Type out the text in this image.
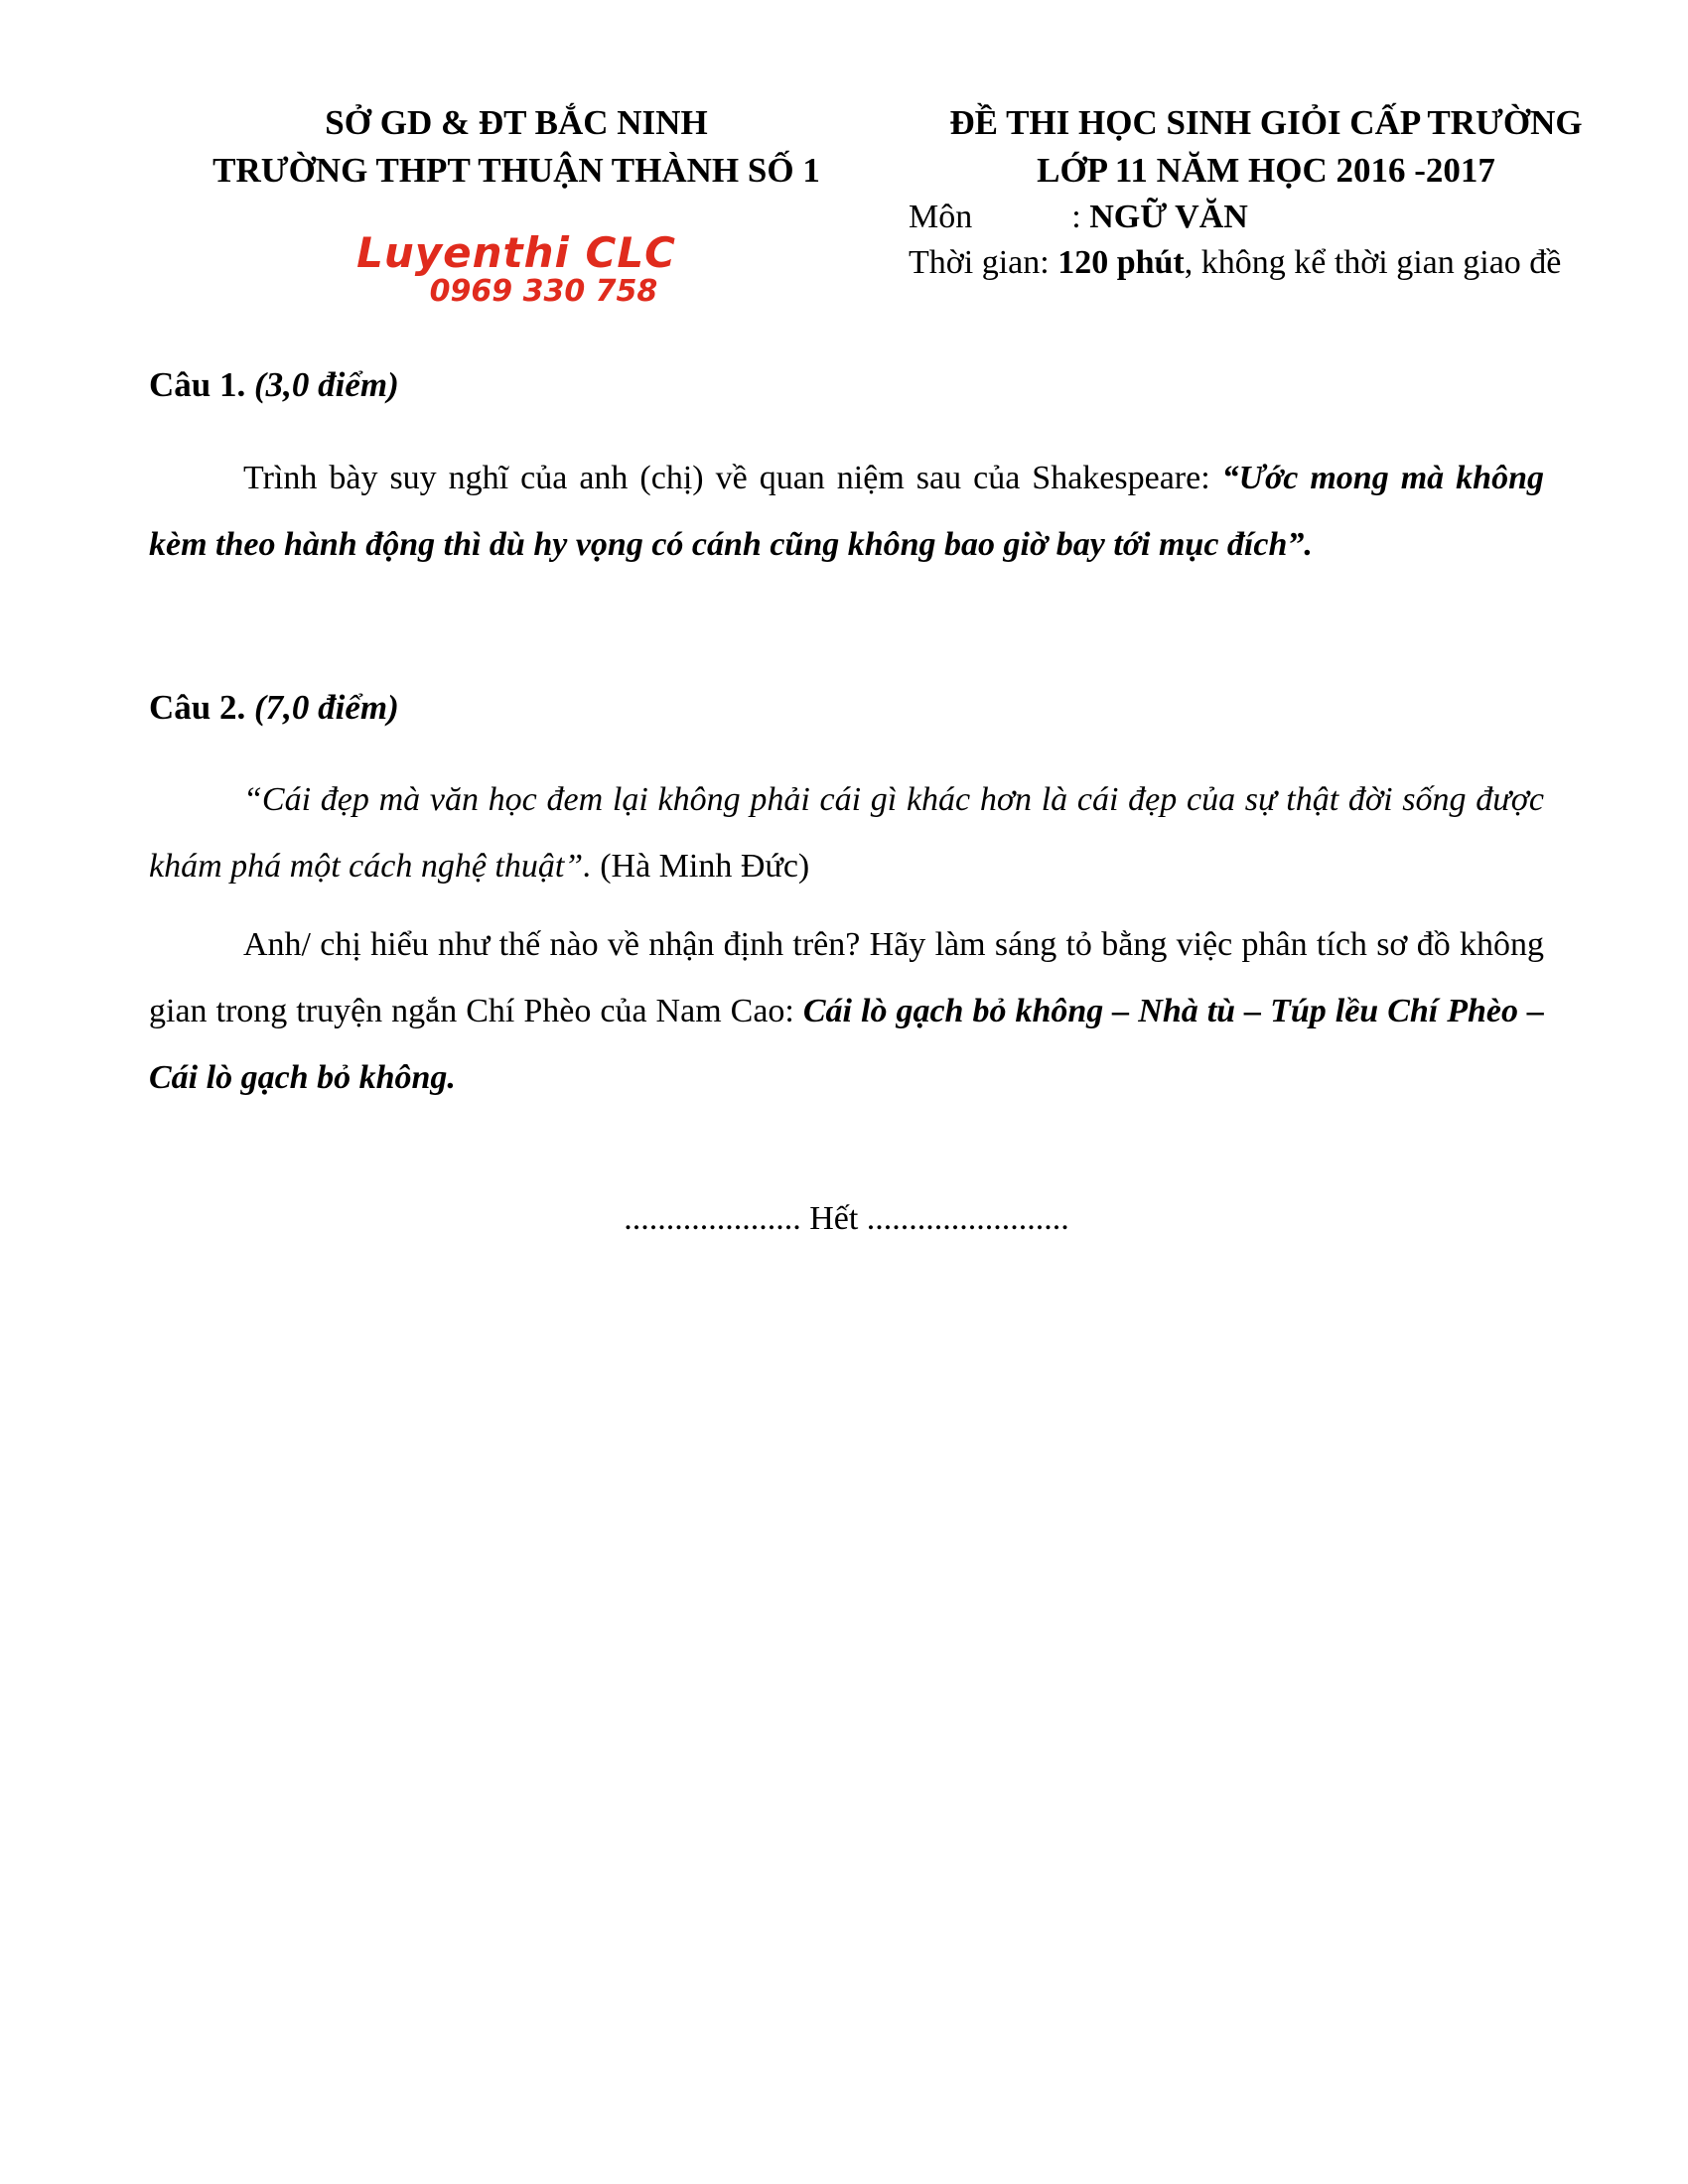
SỞ GD & ĐT BẮC NINH
TRƯỜNG THPT THUẬN THÀNH SỐ 1
Luyenthi CLC
0969 330 758
ĐỀ THI HỌC SINH GIỎI CẤP TRƯỜNG
LỚP 11 NĂM HỌC 2016 -2017
Môn	: NGỮ VĂN
Thời gian: 120 phút, không kể thời gian giao đề
Câu 1. (3,0 điểm)
Trình bày suy nghĩ của anh (chị) về quan niệm sau của Shakespeare: “Ước mong mà không kèm theo hành động thì dù hy vọng có cánh cũng không bao giờ bay tới mục đích”.
Câu 2. (7,0 điểm)
“Cái đẹp mà văn học đem lại không phải cái gì khác hơn là cái đẹp của sự thật đời sống được khám phá một cách nghệ thuật”. (Hà Minh Đức)
Anh/ chị hiểu như thế nào về nhận định trên? Hãy làm sáng tỏ bằng việc phân tích sơ đồ không gian trong truyện ngắn Chí Phèo của Nam Cao: Cái lò gạch bỏ không – Nhà tù – Túp lều Chí Phèo – Cái lò gạch bỏ không.
..................... Hết ........................
